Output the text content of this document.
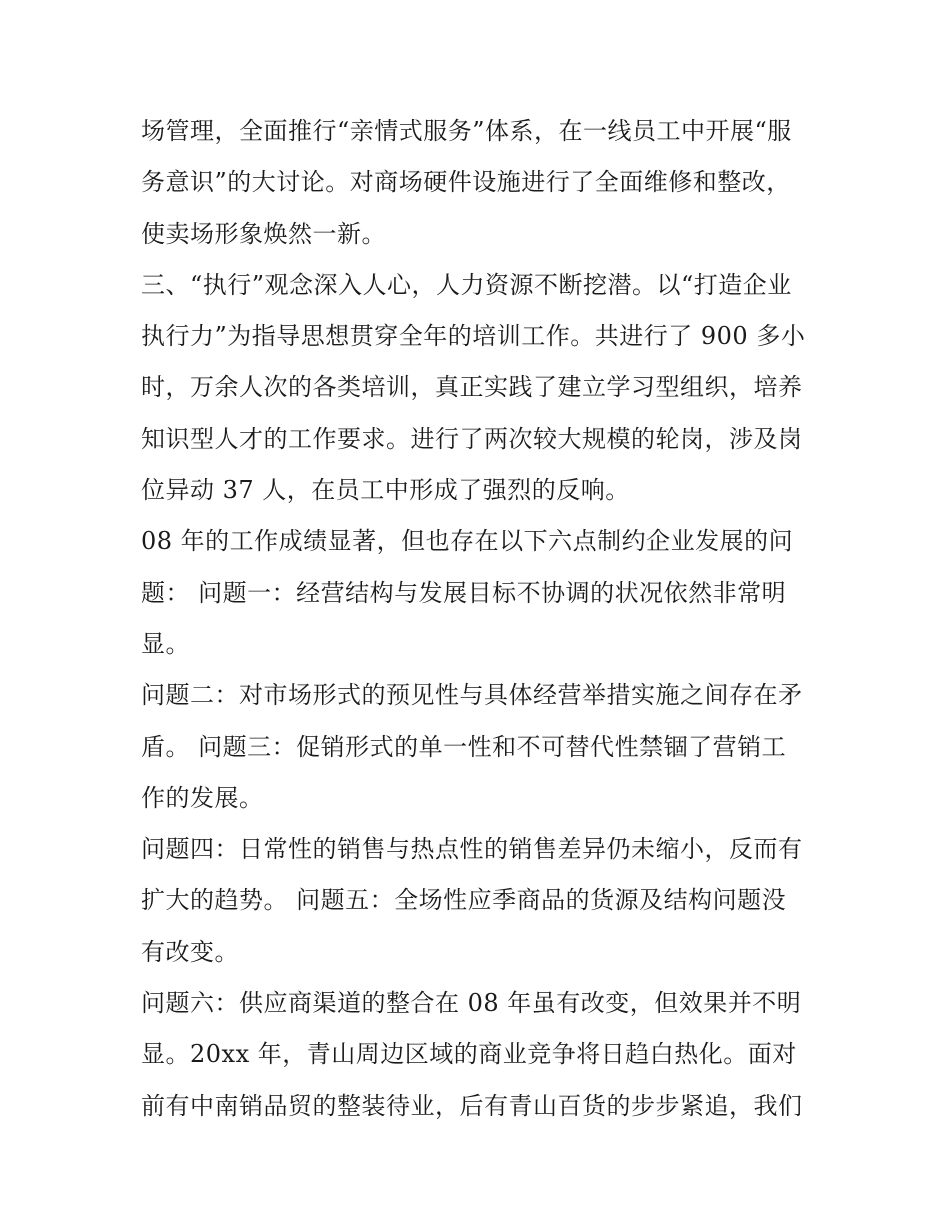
场管理，全面推行“亲情式服务”体系，在一线员工中开展“服
务意识”的大讨论。对商场硬件设施进行了全面维修和整改，
使卖场形象焕然一新。
三、“执行”观念深入人心，人力资源不断挖潜。以“打造企业
执行力”为指导思想贯穿全年的培训工作。共进行了 900 多小
时，万余人次的各类培训，真正实践了建立学习型组织，培养
知识型人才的工作要求。进行了两次较大规模的轮岗，涉及岗
位异动 37 人，在员工中形成了强烈的反响。
08 年的工作成绩显著，但也存在以下六点制约企业发展的问
题： 问题一：经营结构与发展目标不协调的状况依然非常明
显。
问题二：对市场形式的预见性与具体经营举措实施之间存在矛
盾。 问题三：促销形式的单一性和不可替代性禁锢了营销工
作的发展。
问题四：日常性的销售与热点性的销售差异仍未缩小，反而有
扩大的趋势。 问题五：全场性应季商品的货源及结构问题没
有改变。
问题六：供应商渠道的整合在 08 年虽有改变，但效果并不明
显。20xx 年，青山周边区域的商业竞争将日趋白热化。面对
前有中南销品贸的整装待业，后有青山百货的步步紧追，我们
